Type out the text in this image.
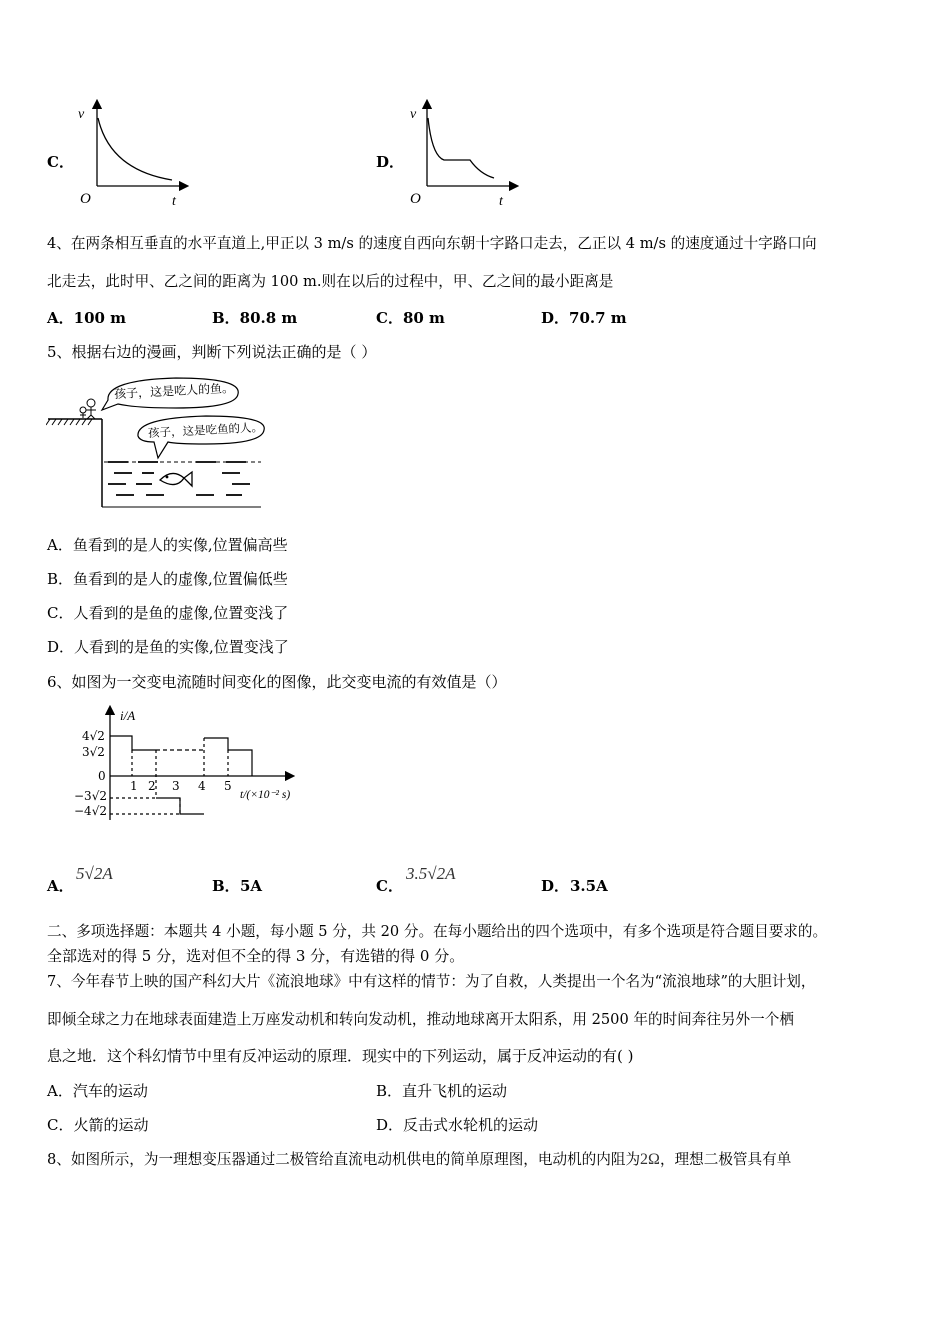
C．
v
O	t
D．
v
O	t
4、在两条相互垂直的水平直道上,甲正以 3 m/s 的速度自西向东朝十字路口走去，乙正以 4 m/s 的速度通过十字路口向
北走去，此时甲、乙之间的距离为 100 m.则在以后的过程中，甲、乙之间的最小距离是
A．100 m	B．80.8 m	C．80 m	D．70.7 m
5、根据右边的漫画，判断下列说法正确的是（ ）
孩子，这是吃人的鱼。
孩子，这是吃鱼的人。
A．鱼看到的是人的实像,位置偏高些
B．鱼看到的是人的虚像,位置偏低些
C．人看到的是鱼的虚像,位置变浅了
D．人看到的是鱼的实像,位置变浅了
6、如图为一交变电流随时间变化的图像，此交变电流的有效值是（）
i/A
4√2
3√2
0
−3√2
−4√2
1 2 3 4 5
t/(×10⁻² s)
A．
5√2A
B． 5A	C．
3.5√2A
D． 3.5A
二、多项选择题：本题共 4 小题，每小题 5 分，共 20 分。在每小题给出的四个选项中，有多个选项是符合题目要求的。
全部选对的得 5 分，选对但不全的得 3 分，有选错的得 0 分。
7、今年春节上映的国产科幻大片《流浪地球》中有这样的情节：为了自救，人类提出一个名为“流浪地球”的大胆计划，
即倾全球之力在地球表面建造上万座发动机和转向发动机，推动地球离开太阳系，用 2500 年的时间奔往另外一个栖
息之地．这个科幻情节中里有反冲运动的原理．现实中的下列运动，属于反冲运动的有( )
A．汽车的运动	B．直升飞机的运动
C．火箭的运动	D．反击式水轮机的运动
8、如图所示，为一理想变压器通过二极管给直流电动机供电的简单原理图，电动机的内阻为2Ω，理想二极管具有单
